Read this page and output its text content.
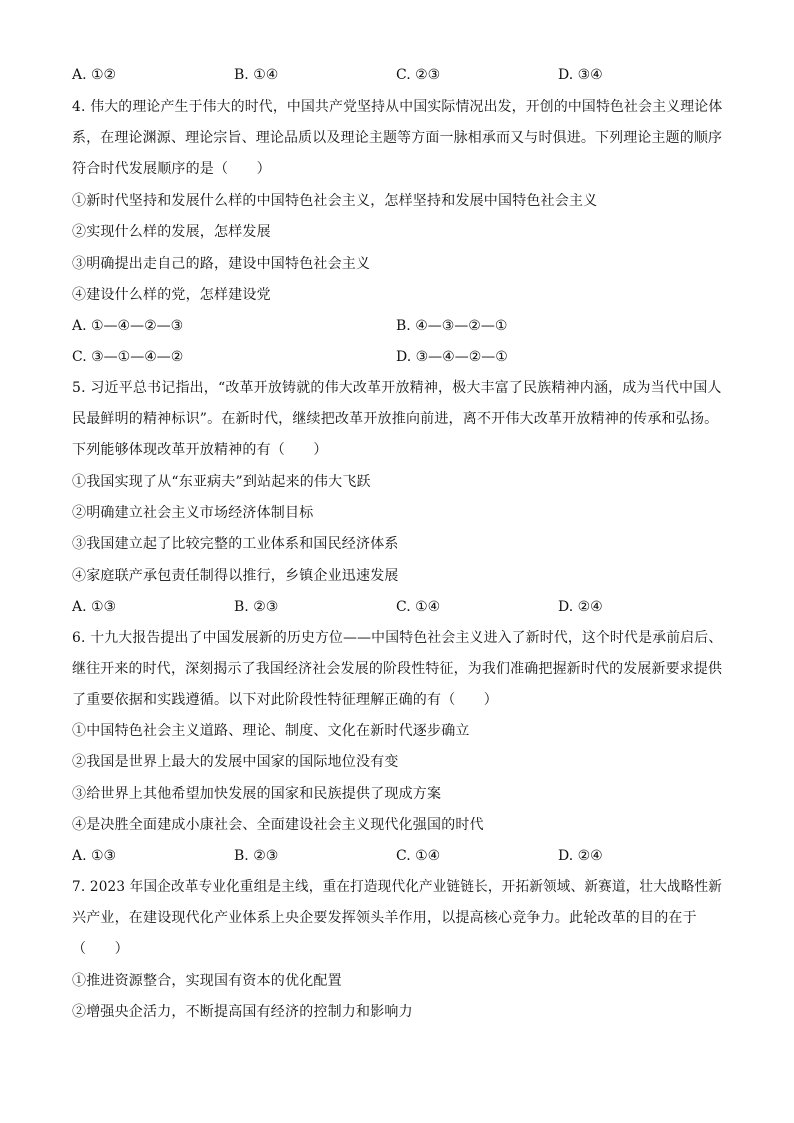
A. ①②	B. ①④	C. ②③	D. ③④
4. 伟大的理论产生于伟大的时代，中国共产党坚持从中国实际情况出发，开创的中国特色社会主义理论体
系，在理论渊源、理论宗旨、理论品质以及理论主题等方面一脉相承而又与时俱进。下列理论主题的顺序
符合时代发展顺序的是（　　）
①新时代坚持和发展什么样的中国特色社会主义，怎样坚持和发展中国特色社会主义
②实现什么样的发展，怎样发展
③明确提出走自己的路，建设中国特色社会主义
④建设什么样的党，怎样建设党
A. ①—④—②—③	B. ④—③—②—①
C. ③—①—④—②	D. ③—④—②—①
5. 习近平总书记指出，“改革开放铸就的伟大改革开放精神，极大丰富了民族精神内涵，成为当代中国人
民最鲜明的精神标识”。在新时代，继续把改革开放推向前进，离不开伟大改革开放精神的传承和弘扬。
下列能够体现改革开放精神的有（　　）
①我国实现了从“东亚病夫”到站起来的伟大飞跃
②明确建立社会主义市场经济体制目标
③我国建立起了比较完整的工业体系和国民经济体系
④家庭联产承包责任制得以推行，乡镇企业迅速发展
A. ①③	B. ②③	C. ①④	D. ②④
6. 十九大报告提出了中国发展新的历史方位——中国特色社会主义进入了新时代，这个时代是承前启后、
继往开来的时代，深刻揭示了我国经济社会发展的阶段性特征，为我们准确把握新时代的发展新要求提供
了重要依据和实践遵循。以下对此阶段性特征理解正确的有（　　）
①中国特色社会主义道路、理论、制度、文化在新时代逐步确立
②我国是世界上最大的发展中国家的国际地位没有变
③给世界上其他希望加快发展的国家和民族提供了现成方案
④是决胜全面建成小康社会、全面建设社会主义现代化强国的时代
A. ①③	B. ②③	C. ①④	D. ②④
7. 2023 年国企改革专业化重组是主线，重在打造现代化产业链链长，开拓新领域、新赛道，壮大战略性新
兴产业，在建设现代化产业体系上央企要发挥领头羊作用，以提高核心竞争力。此轮改革的目的在于
（　　）
①推进资源整合，实现国有资本的优化配置
②增强央企活力，不断提高国有经济的控制力和影响力
